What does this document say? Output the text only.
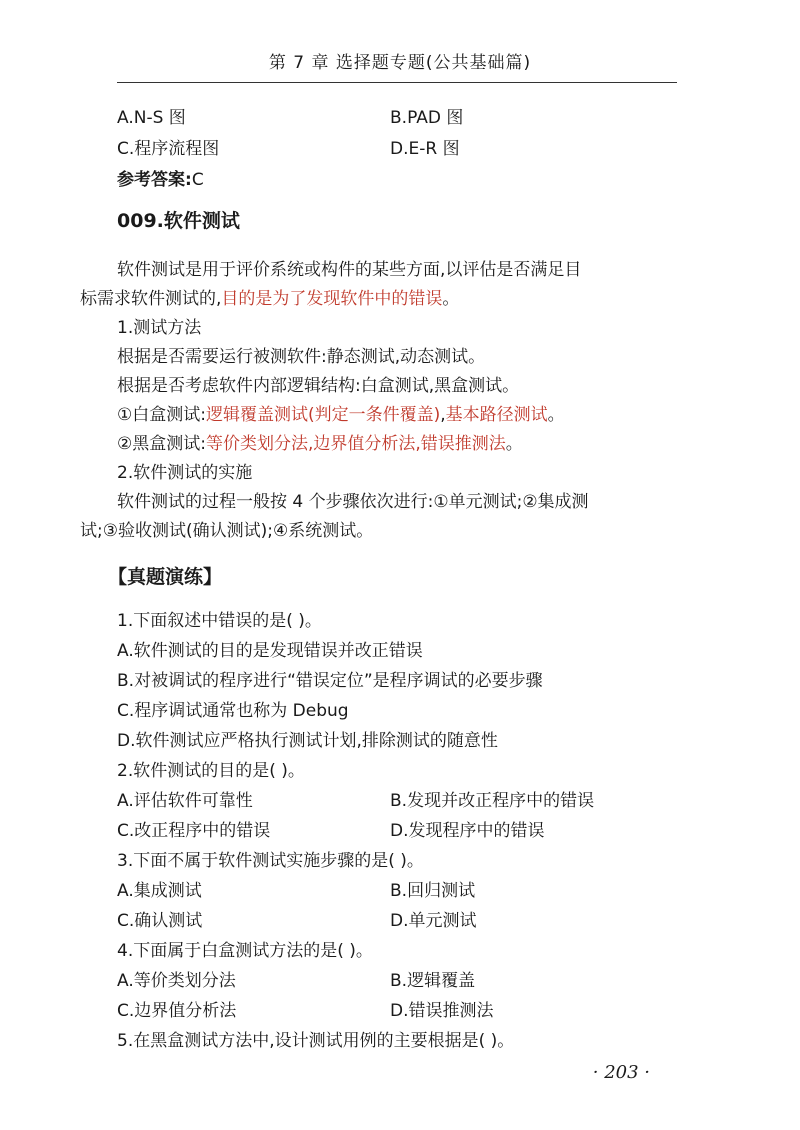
第 7 章 选择题专题(公共基础篇)
A.N-S 图	B.PAD 图
C.程序流程图	D.E-R 图
参考答案:C
009.软件测试
软件测试是用于评价系统或构件的某些方面,以评估是否满足目
标需求软件测试的,目的是为了发现软件中的错误。
1.测试方法
根据是否需要运行被测软件:静态测试,动态测试。
根据是否考虑软件内部逻辑结构:白盒测试,黑盒测试。
①白盒测试:逻辑覆盖测试(判定一条件覆盖),基本路径测试。
②黑盒测试:等价类划分法,边界值分析法,错误推测法。
2.软件测试的实施
软件测试的过程一般按 4 个步骤依次进行:①单元测试;②集成测
试;③验收测试(确认测试);④系统测试。
【真题演练】
1.下面叙述中错误的是( )。
A.软件测试的目的是发现错误并改正错误
B.对被调试的程序进行“错误定位”是程序调试的必要步骤
C.程序调试通常也称为 Debug
D.软件测试应严格执行测试计划,排除测试的随意性
2.软件测试的目的是( )。
A.评估软件可靠性	B.发现并改正程序中的错误
C.改正程序中的错误	D.发现程序中的错误
3.下面不属于软件测试实施步骤的是( )。
A.集成测试	B.回归测试
C.确认测试	D.单元测试
4.下面属于白盒测试方法的是( )。
A.等价类划分法	B.逻辑覆盖
C.边界值分析法	D.错误推测法
5.在黑盒测试方法中,设计测试用例的主要根据是( )。
· 203 ·
